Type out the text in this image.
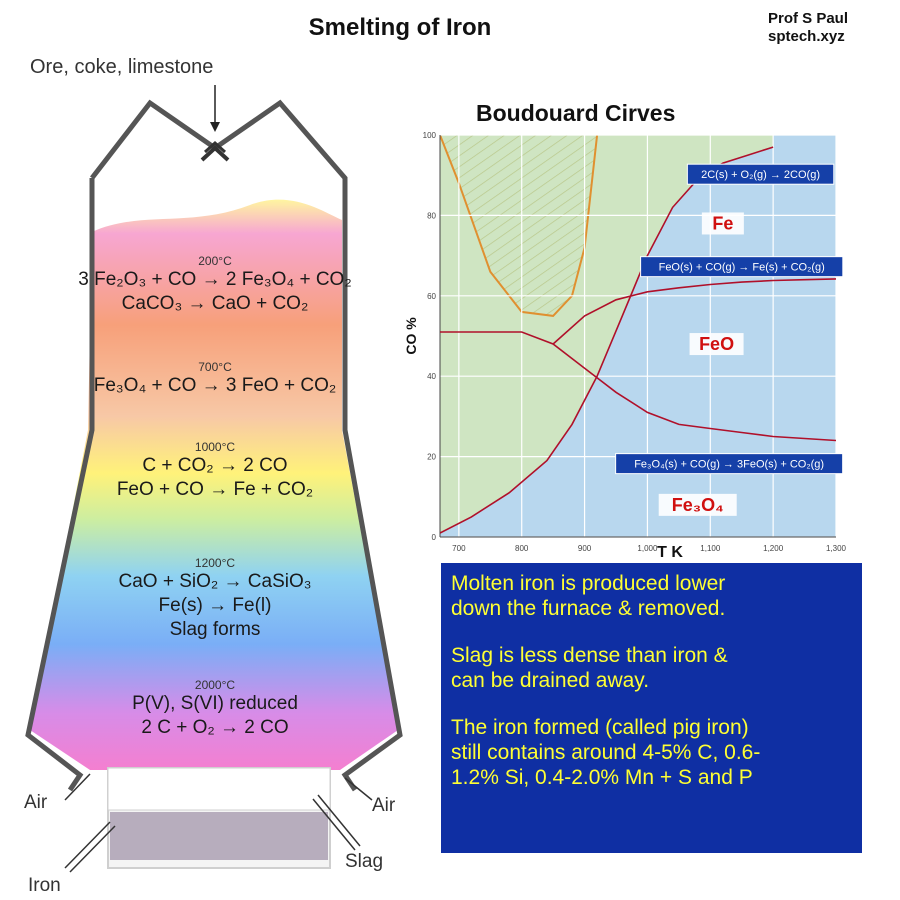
Smelting of Iron	Prof S Paul
sptech.xyz
Ore, coke, limestone
200°C
3 Fe₂O₃ + CO → 2 Fe₃O₄ + CO₂
CaCO₃ → CaO + CO₂
700°C
Fe₃O₄ + CO → 3 FeO + CO₂
1000°C
C + CO₂ → 2 CO
FeO + CO → Fe + CO₂
1200°C
CaO + SiO₂ → CaSiO₃
Fe(s) → Fe(l)
Slag forms
2000°C
P(V), S(VI) reduced
2 C + O₂ → 2 CO
Air	Air
Slag
Iron
Boudouard Cirves
700	800	900	1,000	1,100	1,200	1,300
0
20
40
60
80
100
CO %
T K
Fe
FeO
Fe₃O₄
2C(s) + O₂(g) → 2CO(g)
FeO(s) + CO(g) → Fe(s) + CO₂(g)
Fe₃O₄(s) + CO(g) → 3FeO(s) + CO₂(g)

Molten iron is produced lower
down the furnace & removed.

Slag is less dense than iron &
can be drained away.

The iron formed (called pig iron)
still contains around 4-5% C, 0.6-
1.2% Si, 0.4-2.0% Mn + S and P
